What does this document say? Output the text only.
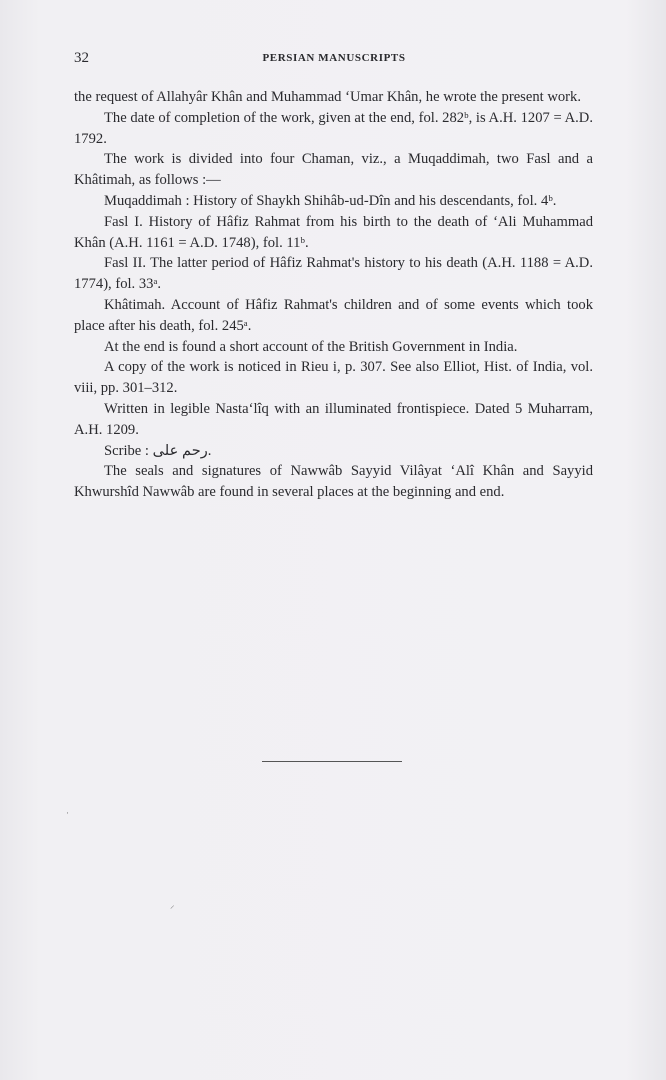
32	PERSIAN MANUSCRIPTS

the request of Allahyâr Khân and Muhammad ‘Umar Khân, he wrote the present work.

The date of completion of the work, given at the end, fol. 282ᵇ, is A.H. 1207 = A.D. 1792.

The work is divided into four Chaman, viz., a Muqaddimah, two Fasl and a Khâtimah, as follows :—

Muqaddimah : History of Shaykh Shihâb-ud-Dîn and his descendants, fol. 4ᵇ.

Fasl I. History of Hâfiz Rahmat from his birth to the death of ‘Ali Muhammad Khân (A.H. 1161 = A.D. 1748), fol. 11ᵇ.

Fasl II. The latter period of Hâfiz Rahmat's history to his death (A.H. 1188 = A.D. 1774), fol. 33ᵃ.

Khâtimah. Account of Hâfiz Rahmat's children and of some events which took place after his death, fol. 245ᵃ.

At the end is found a short account of the British Government in India.

A copy of the work is noticed in Rieu i, p. 307. See also Elliot, Hist. of India, vol. viii, pp. 301–312.

Written in legible Nasta‘lîq with an illuminated frontispiece. Dated 5 Muharram, A.H. 1209.

Scribe : رحم علی.

The seals and signatures of Nawwâb Sayyid Vilâyat ‘Alî Khân and Sayyid Khwurshîd Nawwâb are found in several places at the beginning and end.

·
⸝
